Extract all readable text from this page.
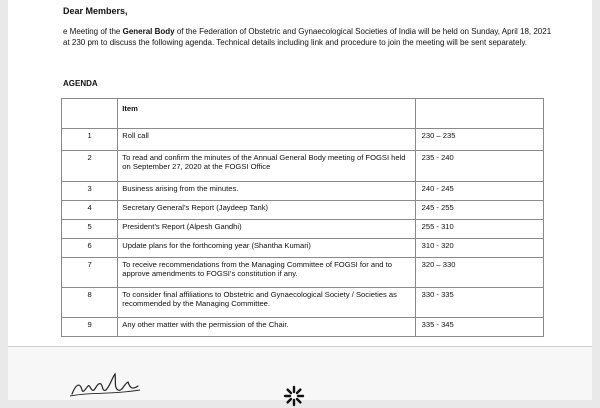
Dear Members,
e Meeting of the General Body of the Federation of Obstetric and Gynaecological Societies of India will be held on Sunday, April 18, 2021 at 230 pm to discuss the following agenda. Technical details including link and procedure to join the meeting will be sent separately.
AGENDA
	Item	
1	Roll call	230 – 235
2	To read and confirm the minutes of the Annual General Body meeting of FOGSI held on September 27, 2020 at the FOGSI Office	235 - 240
3	Business arising from the minutes.	240 - 245
4	Secretary General’s Report (Jaydeep Tank)	245 - 255
5	President’s Report (Alpesh Gandhi)	255 - 310
6	Update plans for the forthcoming year (Shantha Kumari)	310 - 320
7	To receive recommendations from the Managing Committee of FOGSI for and to approve amendments to FOGSI’s constitution if any.	320 – 330
8	To consider final affiliations to Obstetric and Gynaecological Society / Societies as recommended by the Managing Committee.	330 - 335
9	Any other matter with the permission of the Chair.	335 - 345
